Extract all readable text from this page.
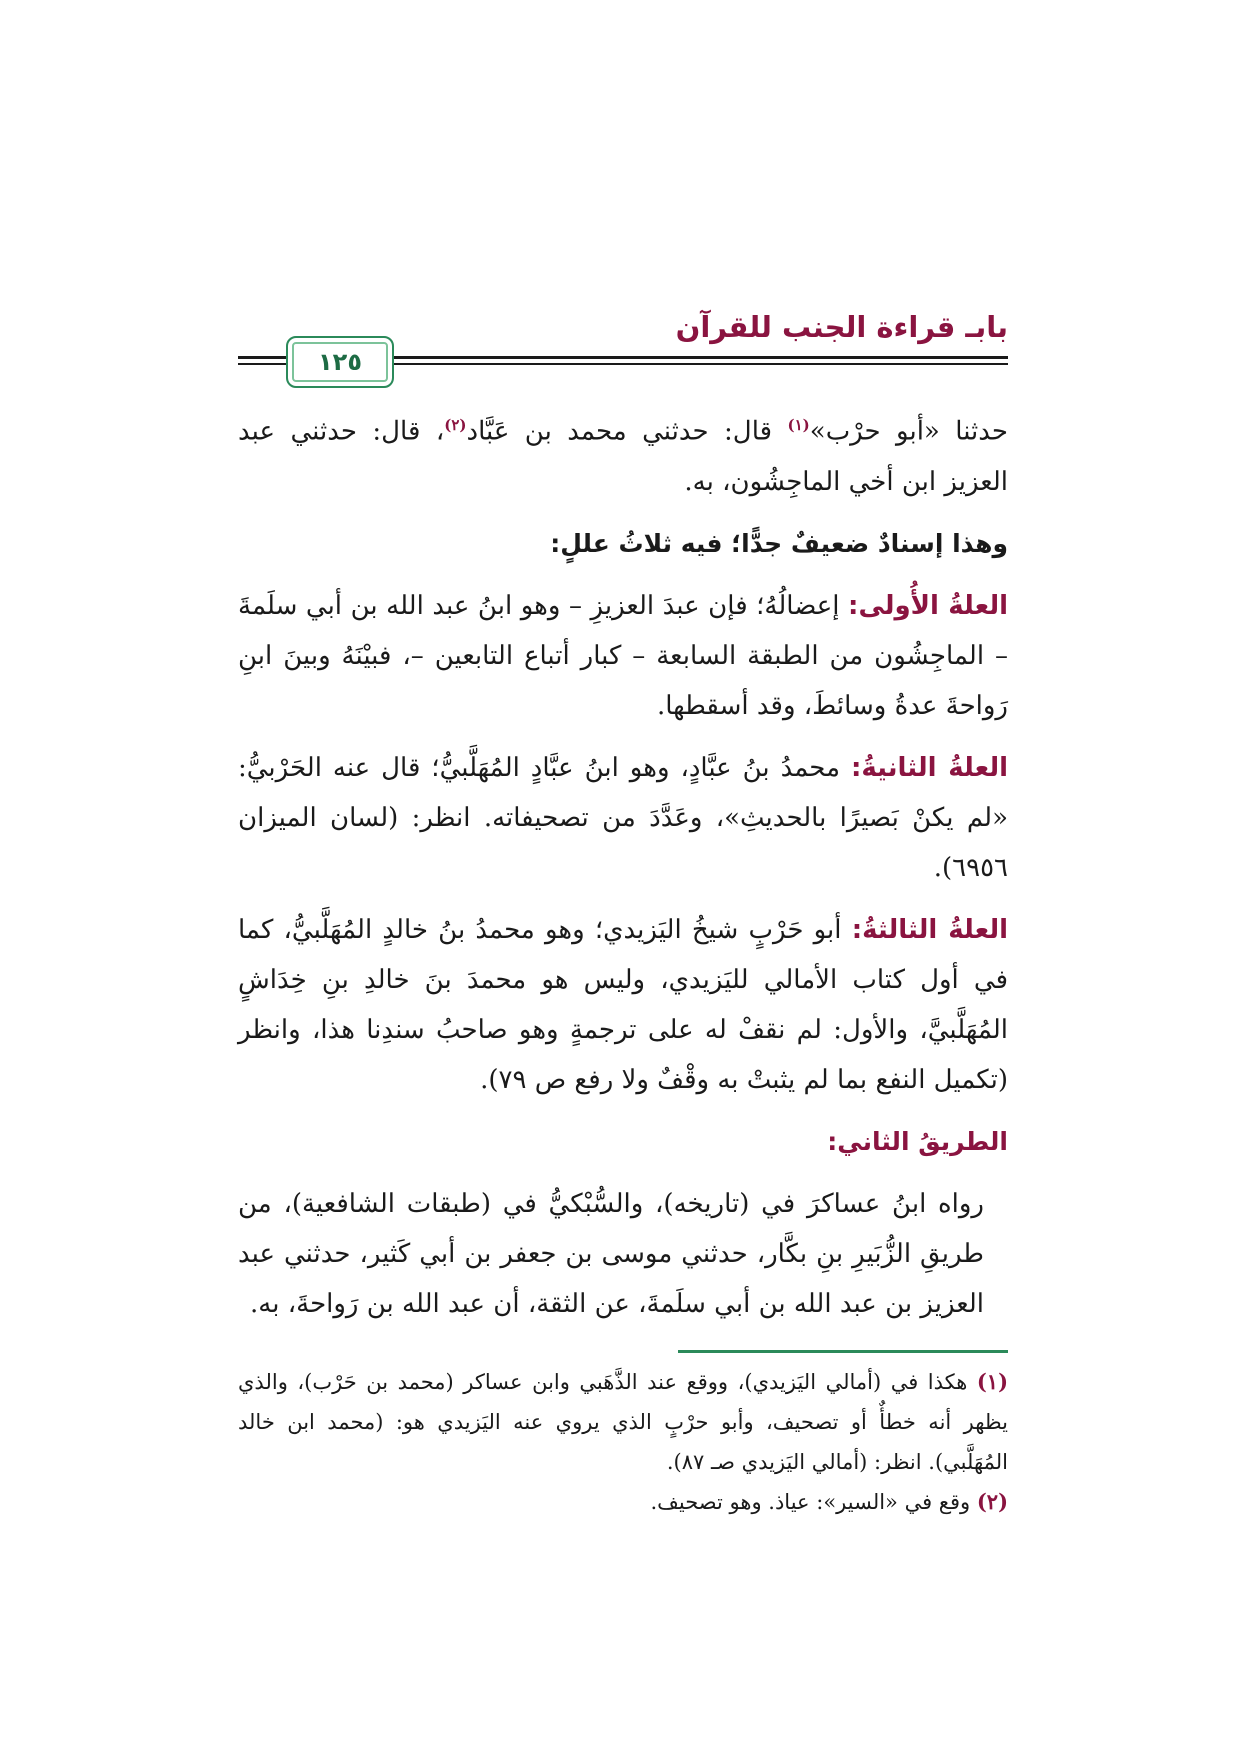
بابـ قراءة الجنب للقرآن
١٢٥

حدثنا «أبو حرْب»$^{(١)}$ قال: حدثني محمد بن عَبَّاد$^{(٢)}$، قال: حدثني عبد العزيز ابن أخي الماجِشُون، به.

وهذا إسنادٌ ضعيفٌ جدًّا؛ فيه ثلاثُ عللٍ:

العلةُ الأُولى: إعضالُهُ؛ فإن عبدَ العزيزِ – وهو ابنُ عبد الله بن أبي سلَمةَ – الماجِشُون من الطبقة السابعة – كبار أتباع التابعين –، فبيْنَهُ وبينَ ابنِ رَواحةَ عدةُ وسائطَ، وقد أسقطها.

العلةُ الثانيةُ: محمدُ بنُ عبَّادٍ، وهو ابنُ عبَّادٍ المُهَلَّبيُّ؛ قال عنه الحَرْبيُّ: «لم يكنْ بَصيرًا بالحديثِ»، وعَدَّدَ من تصحيفاته. انظر: (لسان الميزان ٦٩٥٦).

العلةُ الثالثةُ: أبو حَرْبٍ شيخُ اليَزيدي؛ وهو محمدُ بنُ خالدٍ المُهَلَّبيُّ، كما في أول كتاب الأمالي لليَزيدي، وليس هو محمدَ بنَ خالدِ بنِ خِدَاشٍ المُهَلَّبيَّ، والأول: لم نقفْ له على ترجمةٍ وهو صاحبُ سندِنا هذا، وانظر (تكميل النفع بما لم يثبتْ به وقْفٌ ولا رفع ص ٧٩).

الطريقُ الثاني:

رواه ابنُ عساكرَ في (تاريخه)، والسُّبْكيُّ في (طبقات الشافعية)، من طريقِ الزُّبَيرِ بنِ بكَّار، حدثني موسى بن جعفر بن أبي كَثير، حدثني عبد العزيز بن عبد الله بن أبي سلَمةَ، عن الثقة، أن عبد الله بن رَواحةَ، به.

(١) هكذا في (أمالي اليَزيدي)، ووقع عند الذَّهَبي وابن عساكر (محمد بن حَرْب)، والذي يظهر أنه خطأٌ أو تصحيف، وأبو حرْبٍ الذي يروي عنه اليَزيدي هو: (محمد ابن خالد المُهَلَّبي). انظر: (أمالي اليَزيدي صـ ٨٧).

(٢) وقع في «السير»: عياذ. وهو تصحيف.
